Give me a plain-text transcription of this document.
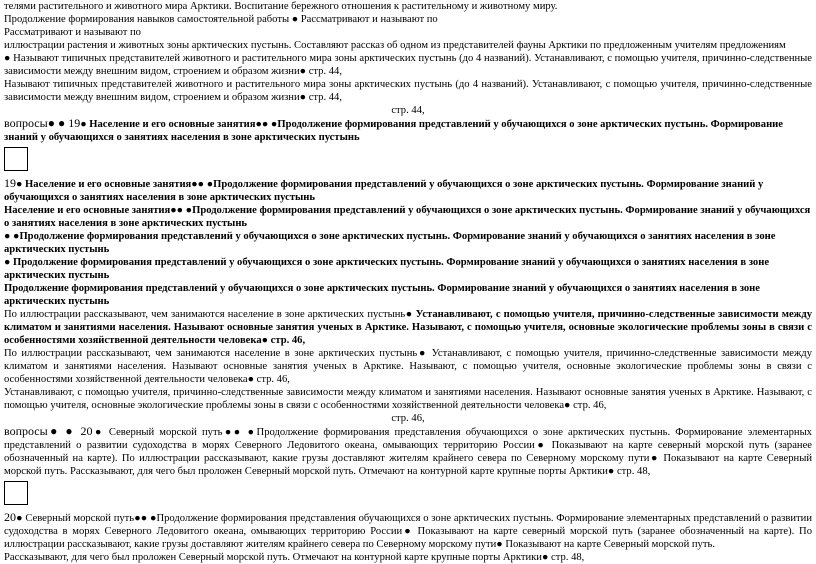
телями растительного и животного мира Арктики. Воспитание бережного отношения к растительному и животному миру.

Продолжение формирования навыков самостоятельной работы ● Рассматривают и называют по

Рассматривают и называют по

иллюстрации растения и животных зоны арктических пустынь. Составляют рассказ об одном из представителей фауны Арктики по предложенным учителям предложениям

● Называют типичных представителей животного и растительного мира зоны арктических пустынь (до 4 названий). Устанавливают, с помощью учителя, причинно-следственные зависимости между внешним видом, строением и образом жизни● стр. 44,

Называют типичных представителей животного и растительного мира зоны арктических пустынь (до 4 названий). Устанавливают, с помощью учителя, причинно-следственные зависимости между внешним видом, строением и образом жизни● стр. 44,

стр. 44,

вопросы● ● 19● Население и его основные занятия●● ●Продолжение формирования представлений у обучающихся о зоне арктических пустынь. Формирование знаний у обучающихся о занятиях населения в зоне арктических пустынь

19● Население и его основные занятия●● ●Продолжение формирования представлений у обучающихся о зоне арктических пустынь. Формирование знаний у обучающихся о занятиях населения в зоне арктических пустынь

Население и его основные занятия●● ●Продолжение формирования представлений у обучающихся о зоне арктических пустынь. Формирование знаний у обучающихся о занятиях населения в зоне арктических пустынь

● ●Продолжение формирования представлений у обучающихся о зоне арктических пустынь. Формирование знаний у обучающихся о занятиях населения в зоне арктических пустынь

● Продолжение формирования представлений у обучающихся о зоне арктических пустынь. Формирование знаний у обучающихся о занятиях населения в зоне арктических пустынь

Продолжение формирования представлений у обучающихся о зоне арктических пустынь. Формирование знаний у обучающихся о занятиях населения в зоне арктических пустынь

По иллюстрации рассказывают, чем занимаются население в зоне арктических пустынь● Устанавливают, с помощью учителя, причинно-следственные зависимости между климатом и занятиями населения. Называют основные занятия ученых в Арктике. Называют, с помощью учителя, основные экологические проблемы зоны в связи с особенностями хозяйственной деятельности человека● стр. 46,

По иллюстрации рассказывают, чем занимаются население в зоне арктических пустынь● Устанавливают, с помощью учителя, причинно-следственные зависимости между климатом и занятиями населения. Называют основные занятия ученых в Арктике. Называют, с помощью учителя, основные экологические проблемы зоны в связи с особенностями хозяйственной деятельности человека● стр. 46,

Устанавливают, с помощью учителя, причинно-следственные зависимости между климатом и занятиями населения. Называют основные занятия ученых в Арктике. Называют, с помощью учителя, основные экологические проблемы зоны в связи с особенностями хозяйственной деятельности человека● стр. 46,

стр. 46,

вопросы● ● 20● Северный морской путь●● ●Продолжение формирования представления обучающихся о зоне арктических пустынь. Формирование элементарных представлений о развитии судоходства в морях Северного Ледовитого океана, омывающих территорию России● Показывают на карте северный морской путь (заранее обозначенный на карте). По иллюстрации рассказывают, какие грузы доставляют жителям крайнего севера по Северному морскому пути● Показывают на карте Северный морской путь. Рассказывают, для чего был проложен Северный морской путь. Отмечают на контурной карте крупные порты Арктики● стр. 48,

20● Северный морской путь●● ●Продолжение формирования представления обучающихся о зоне арктических пустынь. Формирование элементарных представлений о развитии судоходства в морях Северного Ледовитого океана, омывающих территорию России● Показывают на карте северный морской путь (заранее обозначенный на карте). По иллюстрации рассказывают, какие грузы доставляют жителям крайнего севера по Северному морскому пути● Показывают на карте Северный морской путь.

Рассказывают, для чего был проложен Северный морской путь. Отмечают на контурной карте крупные порты Арктики● стр. 48,
